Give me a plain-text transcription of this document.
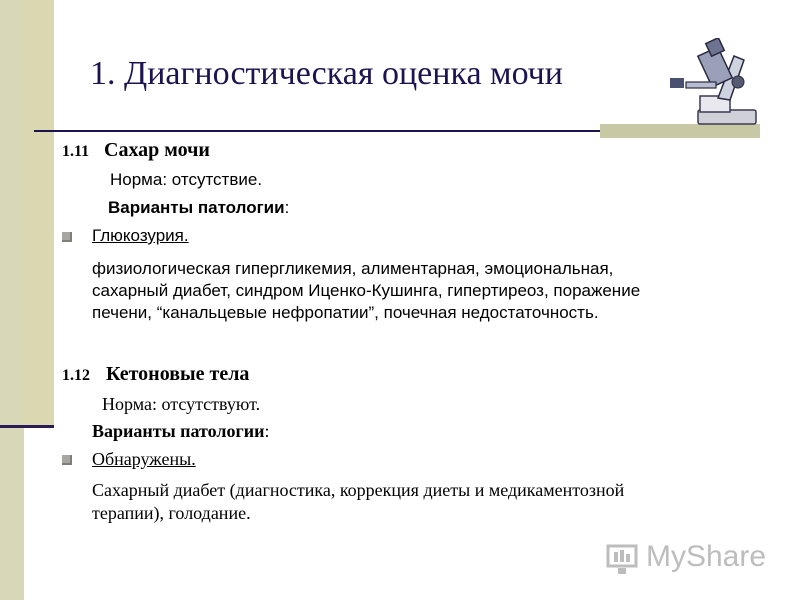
1. Диагностическая оценка мочи
1.11 Сахар мочи
Норма: отсутствие.
Варианты патологии:
Глюкозурия.
физиологическая гипергликемия, алиментарная, эмоциональная,
сахарный диабет, синдром Иценко-Кушинга, гипертиреоз, поражение
печени, “канальцевые нефропатии”, почечная недостаточность.
1.12 Кетоновые тела
Норма: отсутствуют.
Варианты патологии:
Обнаружены.
Сахарный диабет (диагностика, коррекция диеты и медикаментозной
терапии), голодание.
MyShare
